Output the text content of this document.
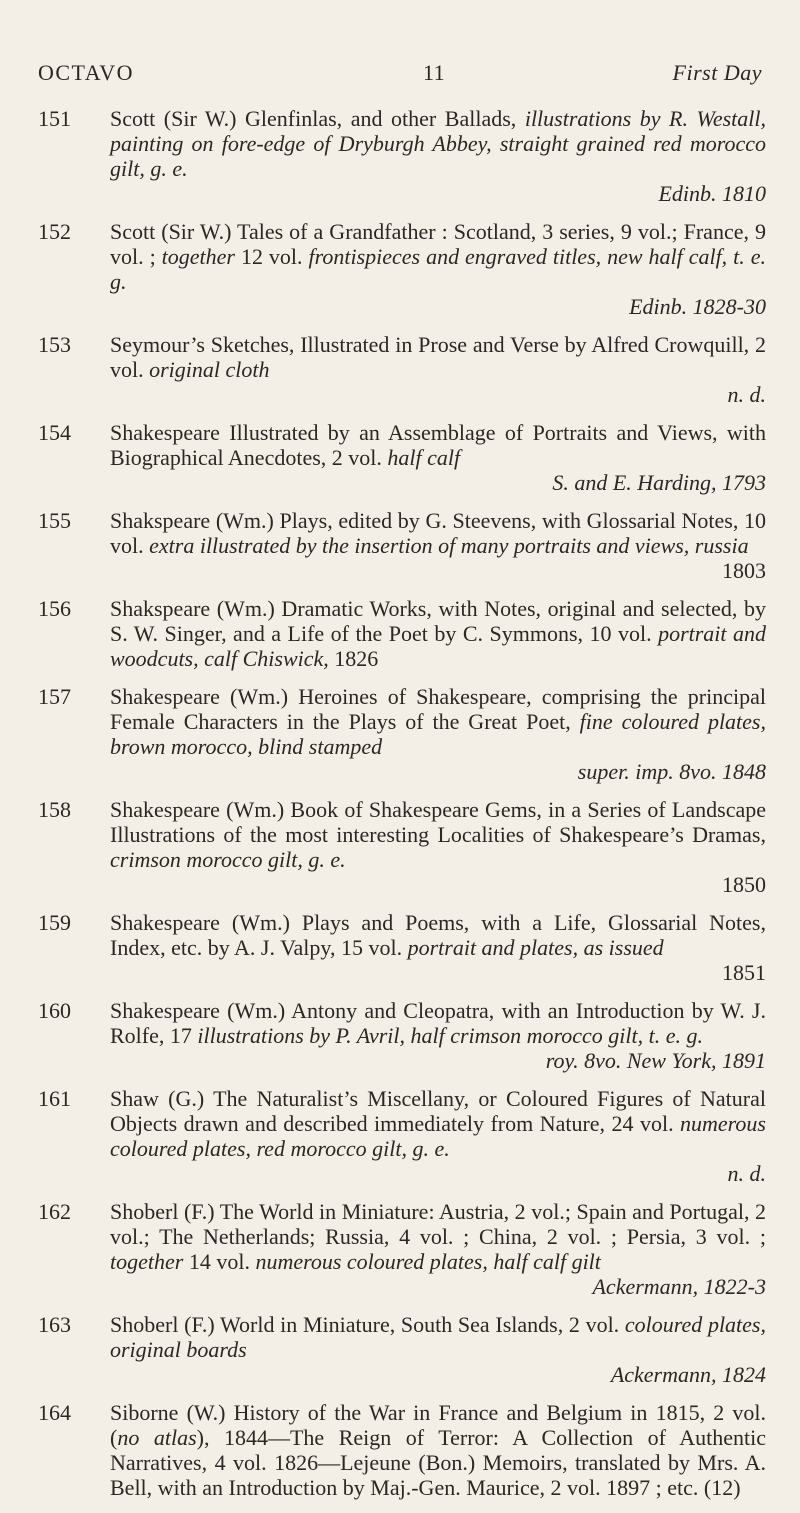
OCTAVO	11	First Day
151 Scott (Sir W.) Glenfinlas, and other Ballads, illustrations by R. Westall, painting on fore-edge of Dryburgh Abbey, straight grained red morocco gilt, g. e.
Edinb. 1810
152 Scott (Sir W.) Tales of a Grandfather : Scotland, 3 series, 9 vol.; France, 9 vol. ; together 12 vol. frontispieces and engraved titles, new half calf, t. e. g.
Edinb. 1828-30
153 Seymour’s Sketches, Illustrated in Prose and Verse by Alfred Crowquill, 2 vol. original cloth
n. d.
154 Shakespeare Illustrated by an Assemblage of Portraits and Views, with Biographical Anecdotes, 2 vol. half calf
S. and E. Harding, 1793
155 Shakspeare (Wm.) Plays, edited by G. Steevens, with Glossarial Notes, 10 vol. extra illustrated by the insertion of many portraits and views, russia
1803
156 Shakspeare (Wm.) Dramatic Works, with Notes, original and selected, by S. W. Singer, and a Life of the Poet by C. Symmons, 10 vol. portrait and woodcuts, calf Chiswick, 1826
157 Shakespeare (Wm.) Heroines of Shakespeare, comprising the principal Female Characters in the Plays of the Great Poet, fine coloured plates, brown morocco, blind stamped
super. imp. 8vo. 1848
158 Shakespeare (Wm.) Book of Shakespeare Gems, in a Series of Landscape Illustrations of the most interesting Localities of Shakespeare’s Dramas, crimson morocco gilt, g. e.
1850
159 Shakespeare (Wm.) Plays and Poems, with a Life, Glossarial Notes, Index, etc. by A. J. Valpy, 15 vol. portrait and plates, as issued
1851
160 Shakespeare (Wm.) Antony and Cleopatra, with an Introduction by W. J. Rolfe, 17 illustrations by P. Avril, half crimson morocco gilt, t. e. g.
roy. 8vo. New York, 1891
161 Shaw (G.) The Naturalist’s Miscellany, or Coloured Figures of Natural Objects drawn and described immediately from Nature, 24 vol. numerous coloured plates, red morocco gilt, g. e.
n. d.
162 Shoberl (F.) The World in Miniature: Austria, 2 vol.; Spain and Portugal, 2 vol.; The Netherlands; Russia, 4 vol. ; China, 2 vol. ; Persia, 3 vol. ; together 14 vol. numerous coloured plates, half calf gilt
Ackermann, 1822-3
163 Shoberl (F.) World in Miniature, South Sea Islands, 2 vol. coloured plates, original boards
Ackermann, 1824
164 Siborne (W.) History of the War in France and Belgium in 1815, 2 vol. (no atlas), 1844—The Reign of Terror: A Collection of Authentic Narratives, 4 vol. 1826—Lejeune (Bon.) Memoirs, translated by Mrs. A. Bell, with an Introduction by Maj.-Gen. Maurice, 2 vol. 1897 ; etc. (12)
